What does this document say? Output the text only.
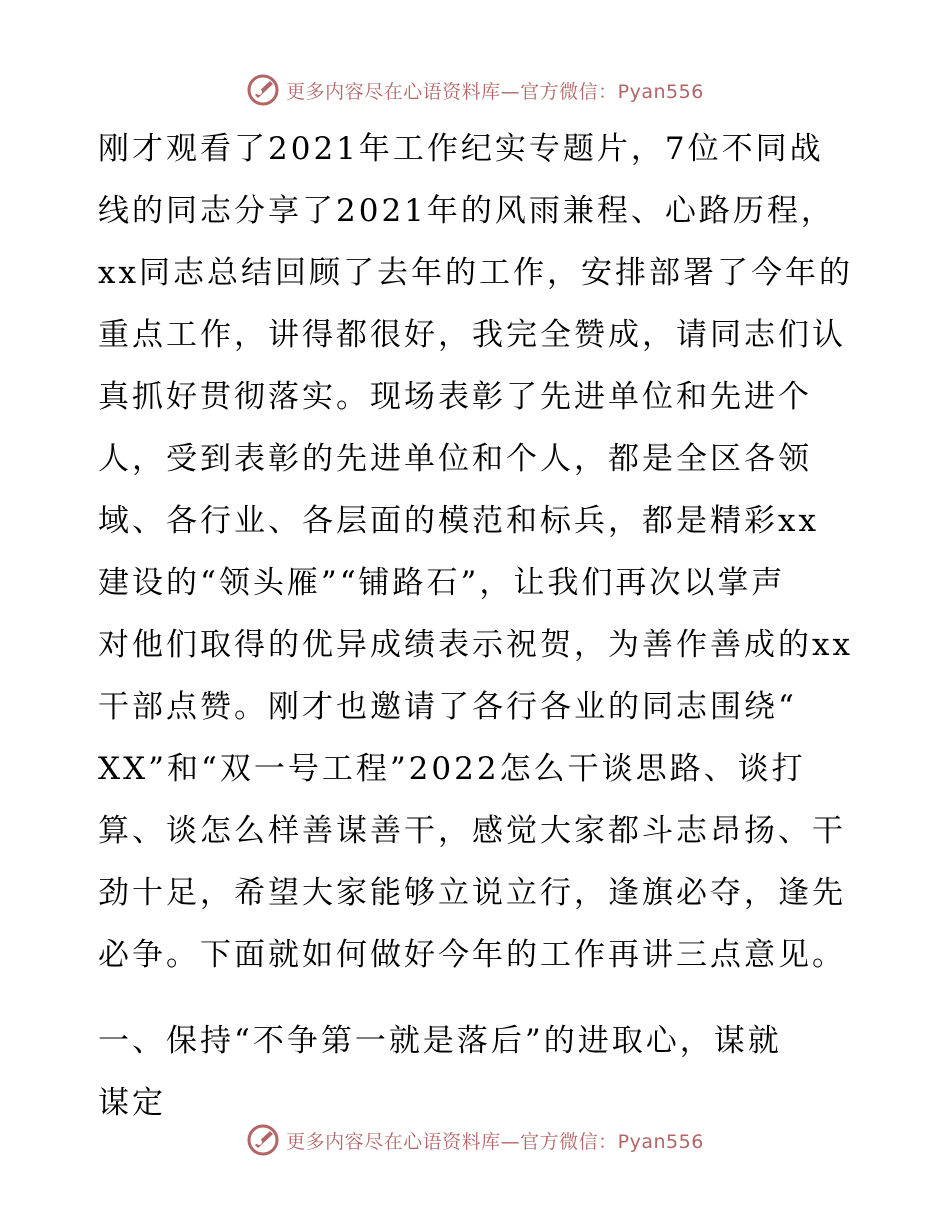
更多内容尽在心语资料库—官方微信：Pyan556
刚才观看了2021年工作纪实专题片，7位不同战
线的同志分享了2021年的风雨兼程、心路历程，
xx同志总结回顾了去年的工作，安排部署了今年的
重点工作，讲得都很好，我完全赞成，请同志们认
真抓好贯彻落实。现场表彰了先进单位和先进个
人，受到表彰的先进单位和个人，都是全区各领
域、各行业、各层面的模范和标兵，都是精彩xx
建设的“领头雁”“铺路石”，让我们再次以掌声
对他们取得的优异成绩表示祝贺，为善作善成的xx
干部点赞。刚才也邀请了各行各业的同志围绕“
XX”和“双一号工程”2022怎么干谈思路、谈打
算、谈怎么样善谋善干，感觉大家都斗志昂扬、干
劲十足，希望大家能够立说立行，逢旗必夺，逢先
必争。下面就如何做好今年的工作再讲三点意见。
一、保持“不争第一就是落后”的进取心，谋就
谋定
更多内容尽在心语资料库—官方微信：Pyan556
